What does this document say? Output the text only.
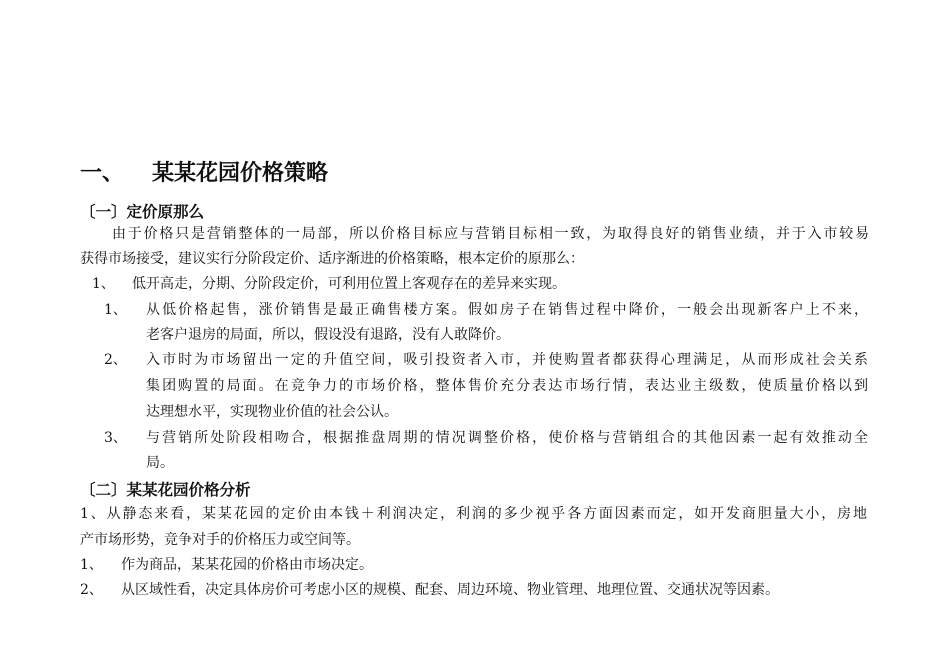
一、 某某花园价格策略
〔一〕定价原那么
由于价格只是营销整体的一局部，所以价格目标应与营销目标相一致，为取得良好的销售业绩，并于入市较易
获得市场接受，建议实行分阶段定价、适序渐进的价格策略，根本定价的原那么：
1、 低开高走，分期、分阶段定价，可利用位置上客观存在的差异来实现。
1、 从低价格起售，涨价销售是最正确售楼方案。假如房子在销售过程中降价，一般会出现新客户上不来，
老客户退房的局面，所以，假设没有退路，没有人敢降价。
2、 入市时为市场留出一定的升值空间，吸引投资者入市，并使购置者都获得心理满足，从而形成社会关系
集团购置的局面。在竞争力的市场价格，整体售价充分表达市场行情，表达业主级数，使质量价格以到
达理想水平，实现物业价值的社会公认。
3、 与营销所处阶段相吻合，根据推盘周期的情况调整价格，使价格与营销组合的其他因素一起有效推动全
局。
〔二〕某某花园价格分析
1、从静态来看，某某花园的定价由本钱＋利润决定，利润的多少视乎各方面因素而定，如开发商胆量大小，房地
产市场形势，竞争对手的价格压力或空间等。
1、 作为商品，某某花园的价格由市场决定。
2、 从区域性看，决定具体房价可考虑小区的规模、配套、周边环境、物业管理、地理位置、交通状况等因素。
